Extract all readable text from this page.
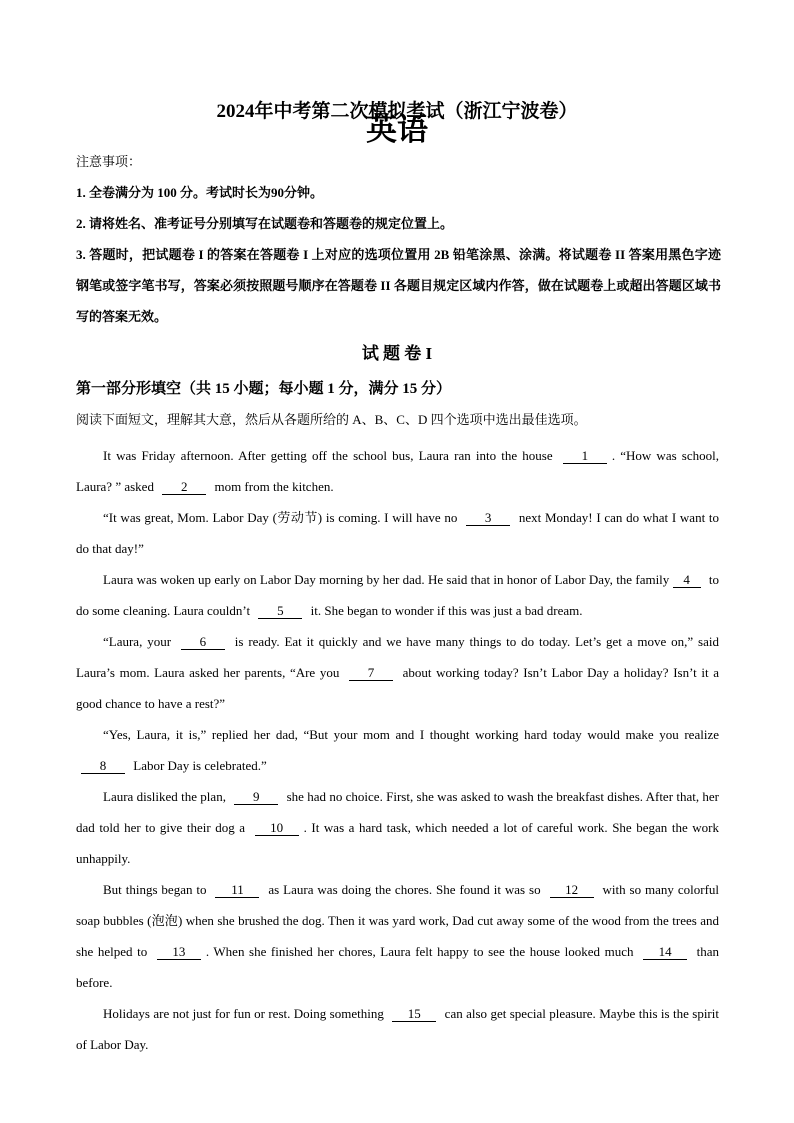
2024年中考第二次模拟考试（浙江宁波卷）
英语

注意事项：

1. 全卷满分为 100 分。考试时长为90分钟。

2. 请将姓名、准考证号分别填写在试题卷和答题卷的规定位置上。

3. 答题时，把试题卷 I 的答案在答题卷 I 上对应的选项位置用 2B 铅笔涂黑、涂满。将试题卷 II 答案用黑色字迹钢笔或签字笔书写，答案必须按照题号顺序在答题卷 II 各题目规定区域内作答，做在试题卷上或超出答题区域书写的答案无效。

试 题 卷 I
第一部分形填空（共 15 小题；每小题 1 分，满分 15 分）
阅读下面短文，理解其大意，然后从各题所给的 A、B、C、D 四个选项中选出最佳选项。

It was Friday afternoon. After getting off the school bus, Laura ran into the house 1 . “How was school, Laura? ” asked 2 mom from the kitchen.

“It was great, Mom. Labor Day (劳动节) is coming. I will have no 3 next Monday! I can do what I want to do that day!”

Laura was woken up early on Labor Day morning by her dad. He said that in honor of Labor Day, the family 4 to do some cleaning. Laura couldn’t 5 it. She began to wonder if this was just a bad dream.

“Laura, your 6 is ready. Eat it quickly and we have many things to do today. Let’s get a move on,” said Laura’s mom. Laura asked her parents, “Are you 7 about working today? Isn’t Labor Day a holiday? Isn’t it a good chance to have a rest?”

“Yes, Laura, it is,” replied her dad, “But your mom and I thought working hard today would make you realize 8 Labor Day is celebrated.”

Laura disliked the plan, 9 she had no choice. First, she was asked to wash the breakfast dishes. After that, her dad told her to give their dog a 10 . It was a hard task, which needed a lot of careful work. She began the work unhappily.

But things began to 11 as Laura was doing the chores. She found it was so 12 with so many colorful soap bubbles (泡泡) when she brushed the dog. Then it was yard work, Dad cut away some of the wood from the trees and she helped to 13 . When she finished her chores, Laura felt happy to see the house looked much 14 than before.

Holidays are not just for fun or rest. Doing something 15 can also get special pleasure. Maybe this is the spirit of Labor Day.
